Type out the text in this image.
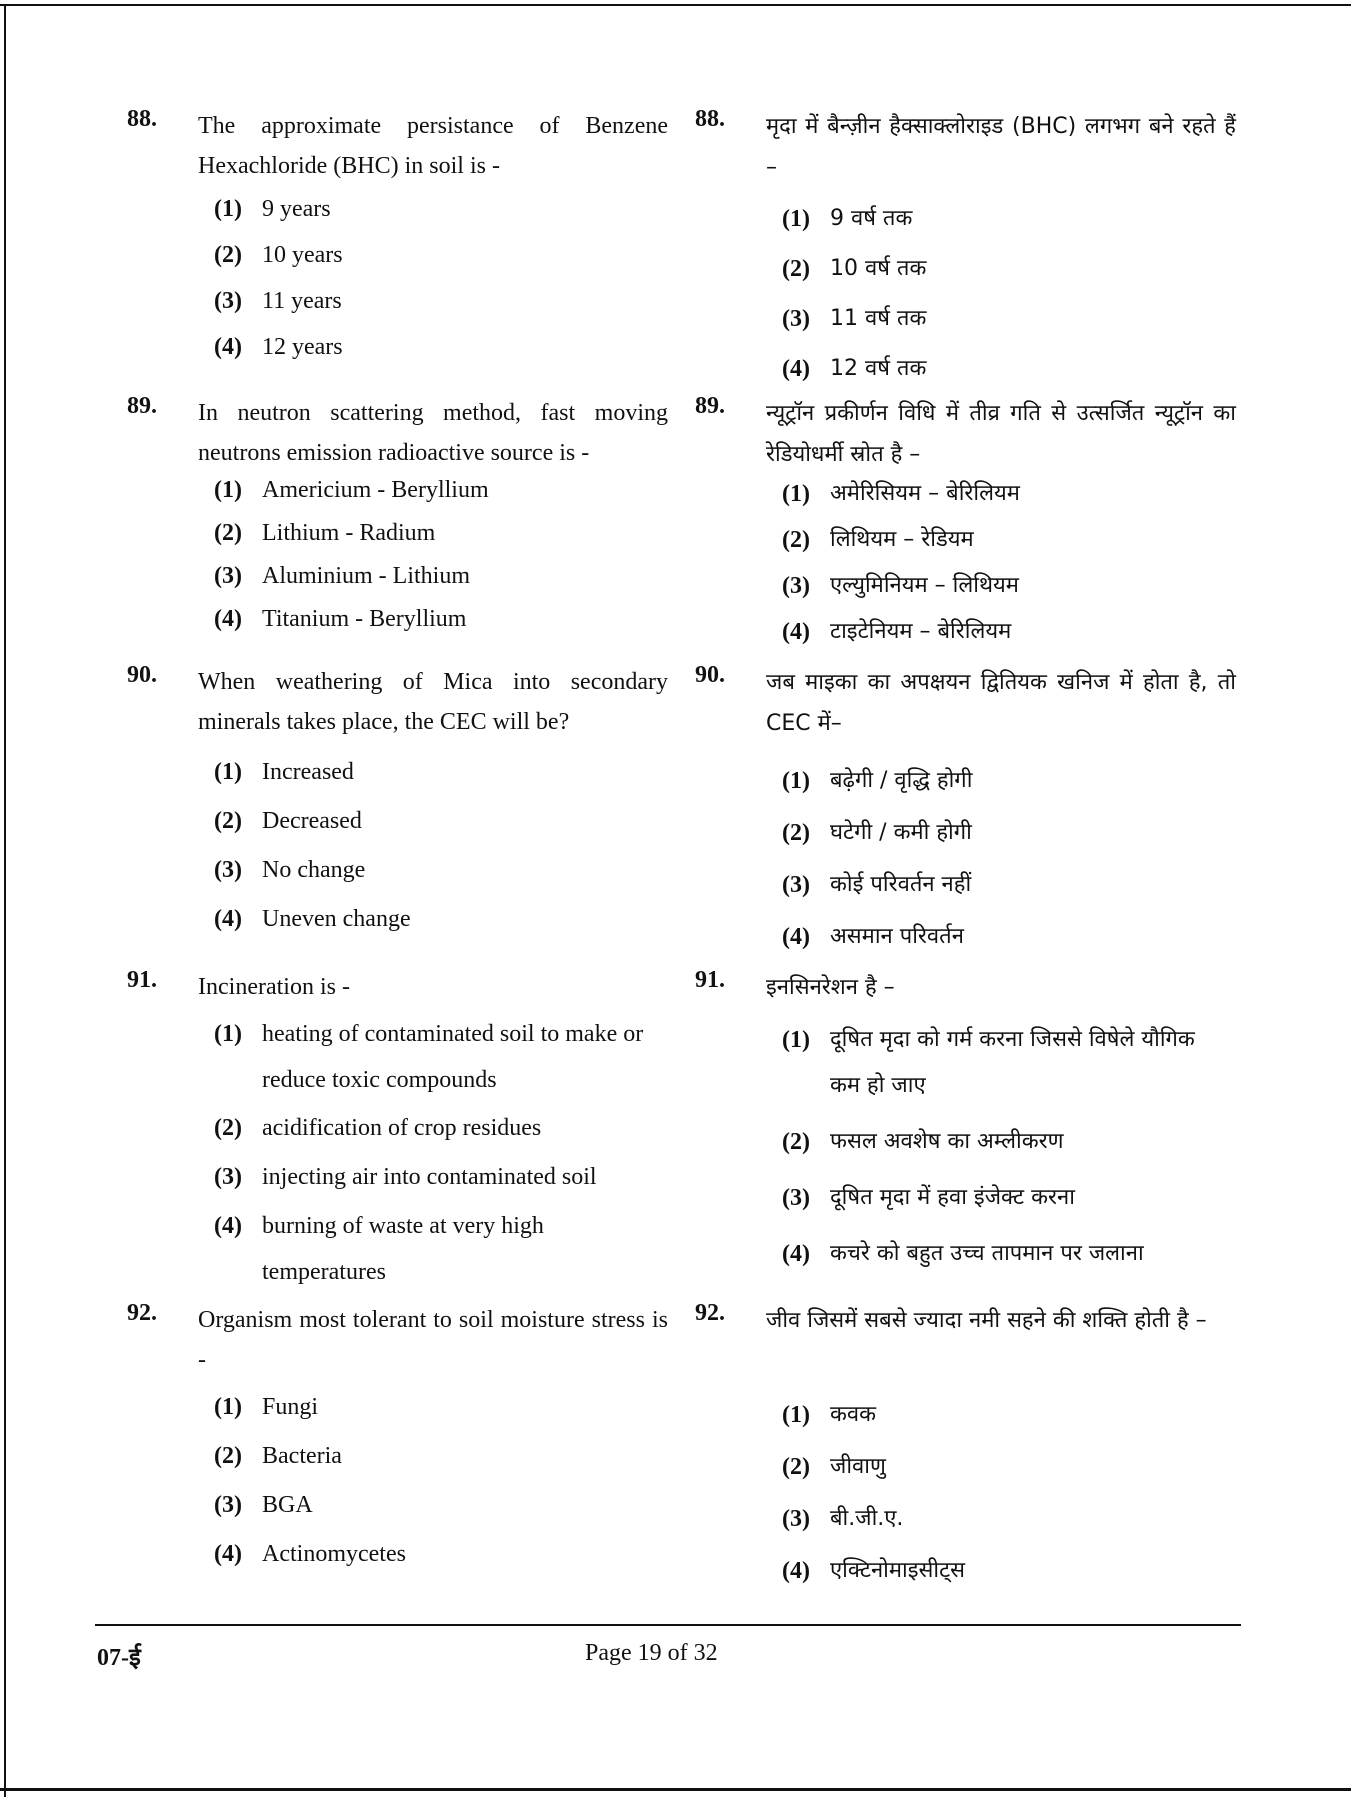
88. The approximate persistance of Benzene Hexachloride (BHC) in soil is -
(1) 9 years
(2) 10 years
(3) 11 years
(4) 12 years
89. In neutron scattering method, fast moving neutrons emission radioactive source is -
(1) Americium - Beryllium
(2) Lithium - Radium
(3) Aluminium - Lithium
(4) Titanium - Beryllium
90. When weathering of Mica into secondary minerals takes place, the CEC will be?
(1) Increased
(2) Decreased
(3) No change
(4) Uneven change
91. Incineration is -
(1) heating of contaminated soil to make or reduce toxic compounds
(2) acidification of crop residues
(3) injecting air into contaminated soil
(4) burning of waste at very high temperatures
92. Organism most tolerant to soil moisture stress is -
(1) Fungi
(2) Bacteria
(3) BGA
(4) Actinomycetes
88. मृदा में बैन्ज़ीन हैक्साक्लोराइड (BHC) लगभग बने रहते हैं –
(1) 9 वर्ष तक
(2) 10 वर्ष तक
(3) 11 वर्ष तक
(4) 12 वर्ष तक
89. न्यूट्रॉन प्रकीर्णन विधि में तीव्र गति से उत्सर्जित न्यूट्रॉन का रेडियोधर्मी स्रोत है –
(1) अमेरिसियम – बेरिलियम
(2) लिथियम – रेडियम
(3) एल्युमिनियम – लिथियम
(4) टाइटेनियम – बेरिलियम
90. जब माइका का अपक्षयन द्वितियक खनिज में होता है, तो CEC में–
(1) बढ़ेगी / वृद्धि होगी
(2) घटेगी / कमी होगी
(3) कोई परिवर्तन नहीं
(4) असमान परिवर्तन
91. इनसिनरेशन है –
(1) दूषित मृदा को गर्म करना जिससे विषेले यौगिक कम हो जाए
(2) फसल अवशेष का अम्लीकरण
(3) दूषित मृदा में हवा इंजेक्ट करना
(4) कचरे को बहुत उच्च तापमान पर जलाना
92. जीव जिसमें सबसे ज्यादा नमी सहने की शक्ति होती है –
(1) कवक
(2) जीवाणु
(3) बी.जी.ए.
(4) एक्टिनोमाइसीट्स
07-ई	Page 19 of 32
